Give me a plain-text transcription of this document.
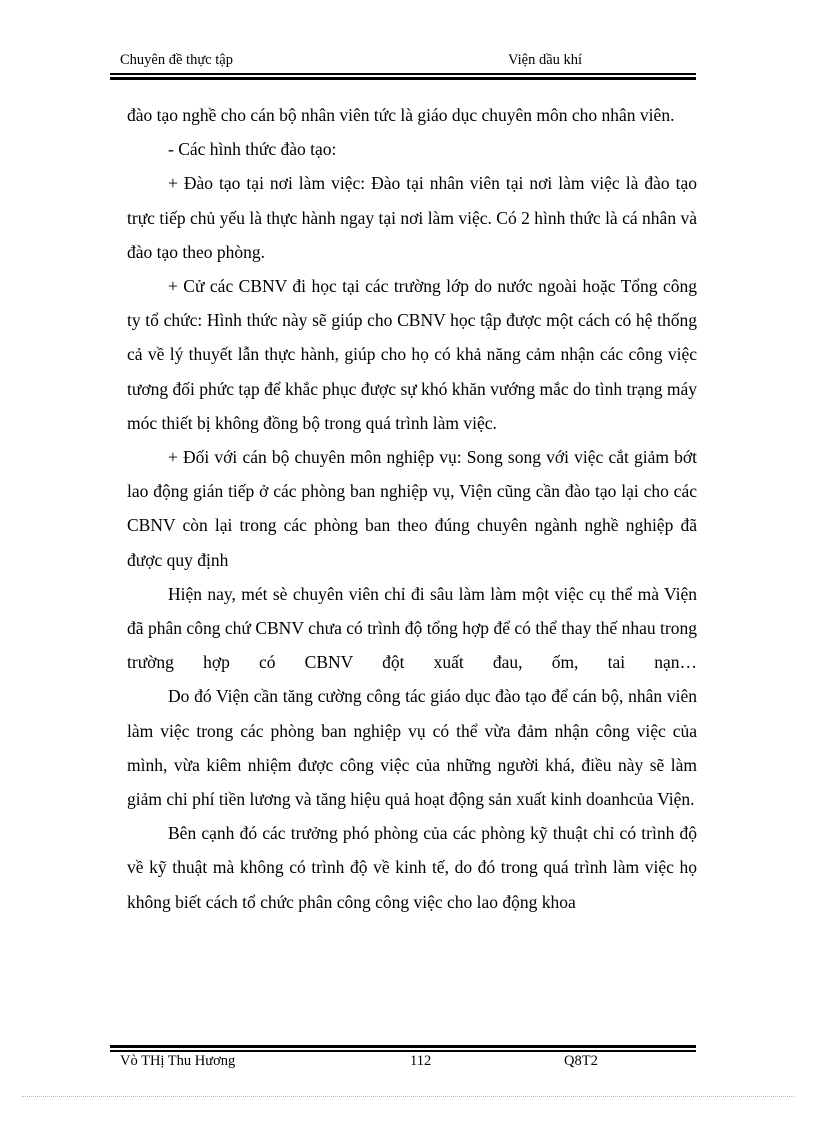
Chuyên đề thực tập	Viện dầu khí

đào tạo nghề cho cán bộ nhân viên tức là giáo dục chuyên môn cho nhân viên.

- Các hình thức đào tạo:

+ Đào tạo tại nơi làm việc: Đào tại nhân viên tại nơi làm việc là đào tạo trực tiếp chủ yếu là thực hành ngay tại nơi làm việc. Có 2 hình thức là cá nhân và đào tạo theo phòng.

+ Cử các CBNV đi học tại các trường lớp do nước ngoài hoặc Tổng công ty tổ chức: Hình thức này sẽ giúp cho CBNV học tập được một cách có hệ thống cả về lý thuyết lẫn thực hành, giúp cho họ có khả năng cảm nhận các công việc tương đối phức tạp để khắc phục được sự khó khăn vướng mắc do tình trạng máy móc thiết bị không đồng bộ trong quá trình làm việc.

+ Đối với cán bộ chuyên môn nghiệp vụ: Song song với việc cắt giảm bớt lao động gián tiếp ở các phòng ban nghiệp vụ, Viện cũng cần đào tạo lại cho các CBNV còn lại trong các phòng ban theo đúng chuyên ngành nghề nghiệp đã được quy định

Hiện nay, mét sè chuyên viên chỉ đi sâu làm làm một việc cụ thể mà Viện đã phân công chứ CBNV chưa có trình độ tổng hợp để có thể thay thế nhau trong trường hợp có CBNV đột xuất đau, ốm, tai nạn…

Do đó Viện cần tăng cường công tác giáo dục đào tạo để cán bộ, nhân viên làm việc trong các phòng ban nghiệp vụ có thể vừa đảm nhận công việc của mình, vừa kiêm nhiệm được công việc của những người khá, điều này sẽ làm giảm chi phí tiền lương và tăng hiệu quả hoạt động sản xuất kinh doanhcủa Viện.

Bên cạnh đó các trưởng phó phòng của các phòng kỹ thuật chỉ có trình độ về kỹ thuật mà không có trình độ về kinh tế, do đó trong quá trình làm việc họ không biết cách tổ chức phân công công việc cho lao động khoa

Vò THị Thu Hương	112	Q8T2
